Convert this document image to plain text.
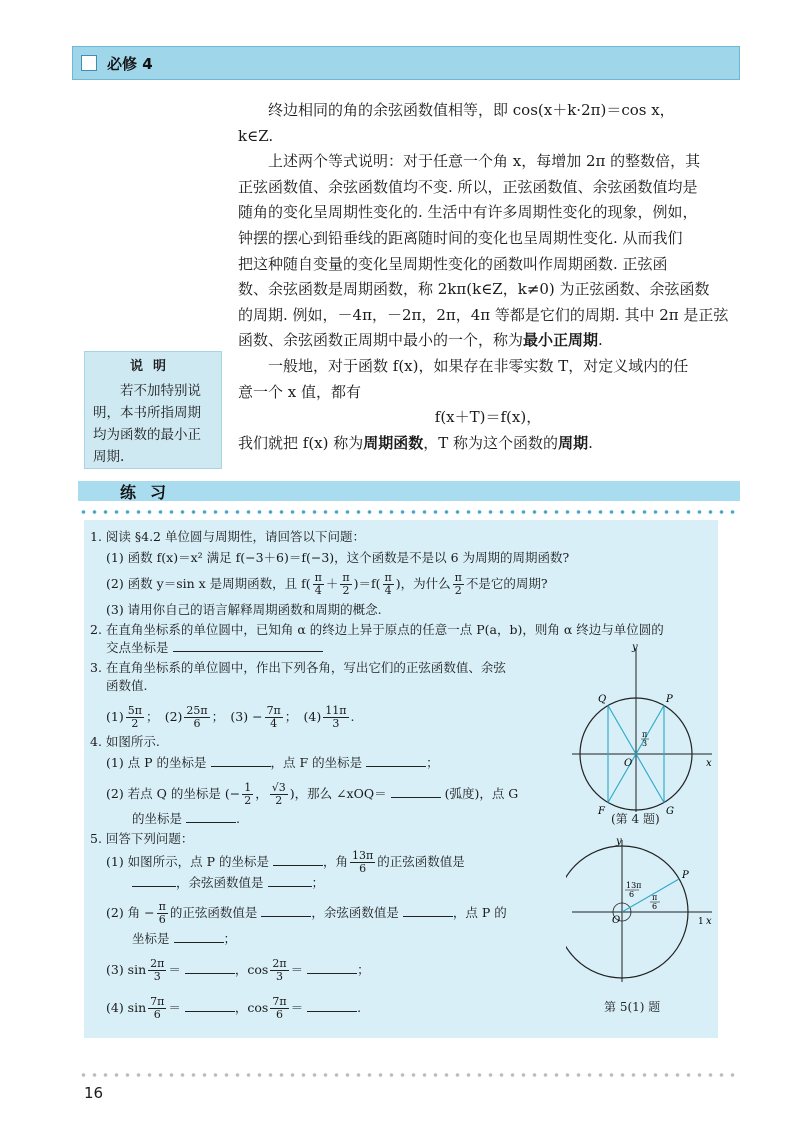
必修 4

终边相同的角的余弦函数值相等，即 cos(x＋k·2π)＝cos x，

k∈Z.

上述两个等式说明：对于任意一个角 x，每增加 2π 的整数倍，其

正弦函数值、余弦函数值均不变. 所以，正弦函数值、余弦函数值均是

随角的变化呈周期性变化的. 生活中有许多周期性变化的现象，例如，

钟摆的摆心到铅垂线的距离随时间的变化也呈周期性变化. 从而我们

把这种随自变量的变化呈周期性变化的函数叫作周期函数. 正弦函

数、余弦函数是周期函数，称 2kπ(k∈Z，k≠0) 为正弦函数、余弦函数

的周期. 例如，－4π，－2π，2π，4π 等都是它们的周期. 其中 2π 是正弦

函数、余弦函数正周期中最小的一个，称为最小正周期.

一般地，对于函数 f(x)，如果存在非零实数 T，对定义域内的任

意一个 x 值，都有

f(x＋T)＝f(x)，

我们就把 f(x) 称为周期函数，T 称为这个函数的周期.

说明
若不加特别说明，本书所指周期均为函数的最小正周期.
练习
1. 阅读 §4.2 单位圆与周期性，请回答以下问题：
(1) 函数 f(x)＝x² 满足 f(−3＋6)＝f(−3)，这个函数是不是以 6 为周期的周期函数?
(2) 函数 y＝sin x 是周期函数，且 $f( \frac{\pi}{4} + \frac{\pi}{2} )=f( \frac{\pi}{4}$ )，为什么 $\frac{\pi}{2}$ 不是它的周期?
(3) 请用你自己的语言解释周期函数和周期的概念.
2. 在直角坐标系的单位圆中，已知角 α 的终边上异于原点的任意一点 P(a，b)，则角 α 终边与单位圆的
交点坐标是
3. 在直角坐标系的单位圆中，作出下列各角，写出它们的正弦函数值、余弦
函数值.
$(1) \frac{5\pi}{2}$ ；　$(2) \frac{25\pi}{6}$ ；　$(3) - \frac{7\pi}{4}$ ；　$(4) \frac{11\pi}{3}$ .
4. 如图所示.
(1) 点 P 的坐标是	，点 F 的坐标是	；
(2) 若点 Q 的坐标是 (− $\frac{1}{2}$ ， $\frac{√3}{2}$ )，那么 ∠xOQ＝	(弧度)，点 G
的坐标是	.
5. 回答下列问题：
(1) 如图所示，点 P 的坐标是	，角 $\frac{13\pi}{6}$ 的正弦函数值是
，余弦函数值是	；
(2) 角 − $\frac{\pi}{6}$ 的正弦函数值是	，余弦函数值是	，点 P 的
坐标是	；
(3) $\sin \frac{2\pi}{3}$ ＝	，$\cos \frac{2\pi}{3}$ ＝	；
(4) $\sin \frac{7\pi}{6}$ ＝	，$\cos \frac{7\pi}{6}$ ＝	.
y
x
O
P
Q
F	G
π
3
(第 4 题)
y
x
1
O
P
13π
6 π
6
第 5(1) 题
16
